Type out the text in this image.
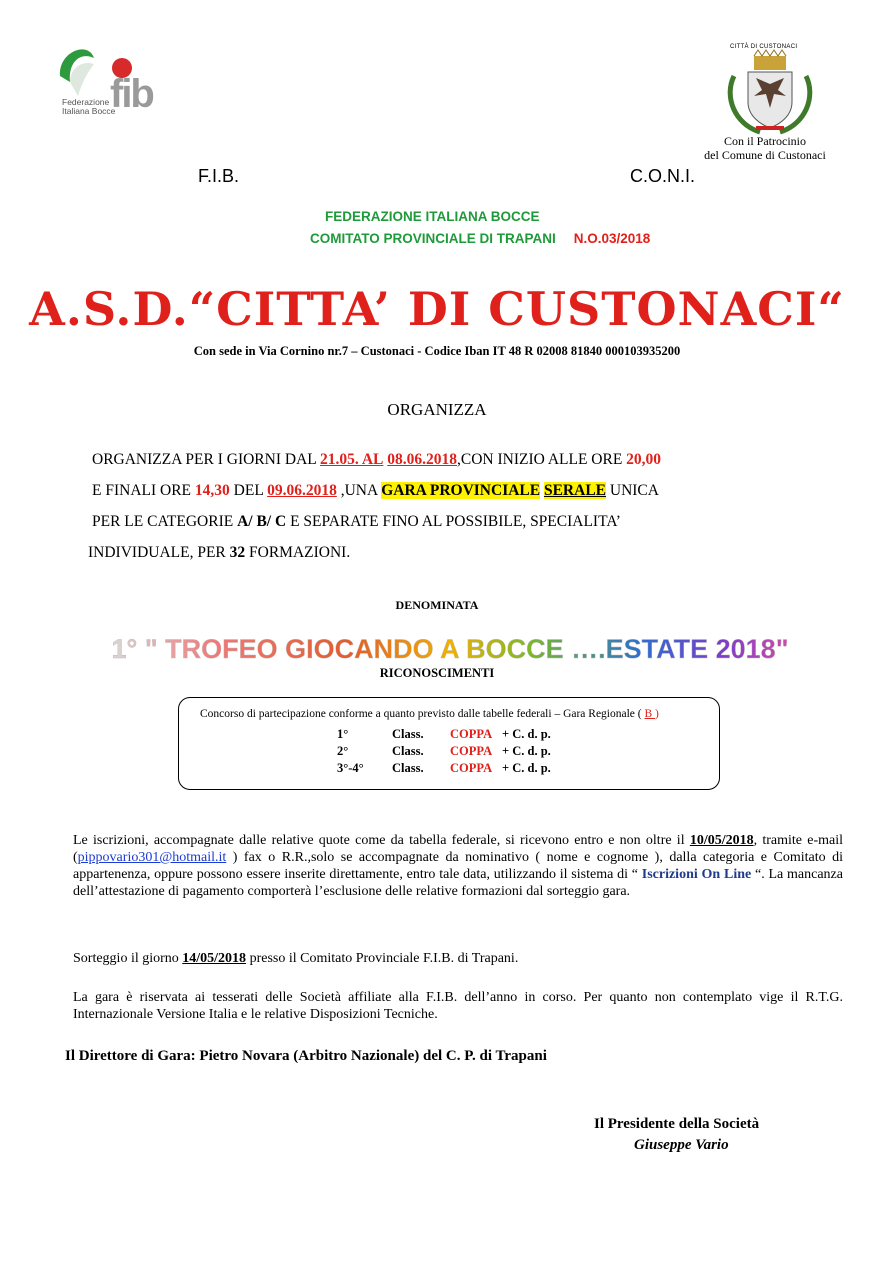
fib
Federazione
Italiana Bocce
CITTÀ DI CUSTONACI
Con il Patrocinio
del Comune di Custonaci
F.I.B.	C.O.N.I.
FEDERAZIONE ITALIANA BOCCE
COMITATO PROVINCIALE DI TRAPANI N.O.03/2018
A.S.D.“CITTA’ DI CUSTONACI“
Con sede in Via Cornino nr.7 – Custonaci - Codice Iban IT 48 R 02008 81840 000103935200
ORGANIZZA
ORGANIZZA PER I GIORNI DAL 21.05. AL 08.06.2018,CON INIZIO ALLE ORE 20,00
E FINALI ORE 14,30 DEL 09.06.2018 ,UNA GARA PROVINCIALE SERALE UNICA
PER LE CATEGORIE A/ B/ C E SEPARATE FINO AL POSSIBILE, SPECIALITA’
INDIVIDUALE, PER 32 FORMAZIONI.
DENOMINATA
1° " TROFEO GIOCANDO A BOCCE ….ESTATE 2018"
RICONOSCIMENTI
Concorso di partecipazione conforme a quanto previsto dalle tabelle federali – Gara Regionale ( B )
1°	Class. COPPA + C. d. p.
2°	Class. COPPA + C. d. p.
3°-4° Class. COPPA + C. d. p.
Le iscrizioni, accompagnate dalle relative quote come da tabella federale, si ricevono entro e non oltre il 10/05/2018, tramite e-mail (pippovario301@hotmail.it ) fax o R.R.,solo se accompagnate da nominativo ( nome e cognome ), dalla categoria e Comitato di appartenenza, oppure possono essere inserite direttamente, entro tale data, utilizzando il sistema di “ Iscrizioni On Line “. La mancanza dell’attestazione di pagamento comporterà l’esclusione delle relative formazioni dal sorteggio gara.
Sorteggio il giorno 14/05/2018 presso il Comitato Provinciale F.I.B. di Trapani.
La gara è riservata ai tesserati delle Società affiliate alla F.I.B. dell’anno in corso. Per quanto non contemplato vige il R.T.G. Internazionale Versione Italia e le relative Disposizioni Tecniche.
Il Direttore di Gara: Pietro Novara (Arbitro Nazionale) del C. P. di Trapani
Il Presidente della Società
Giuseppe Vario
